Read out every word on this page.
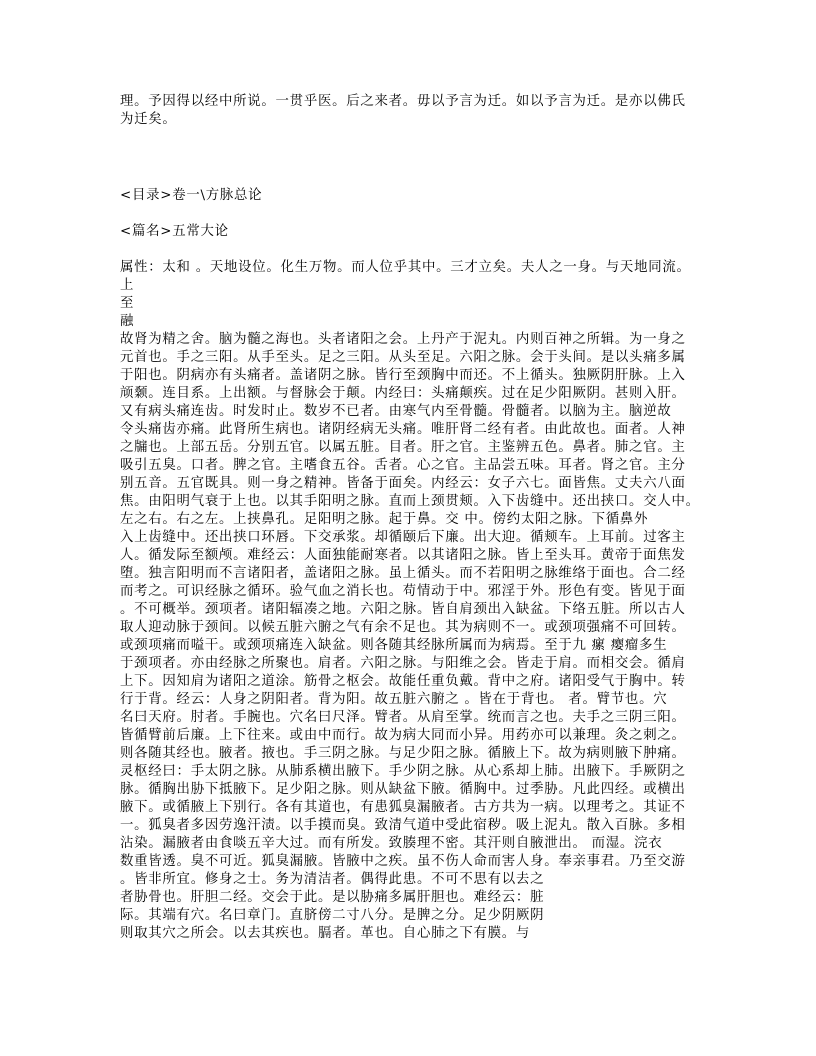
理。予因得以经中所说。一贯乎医。后之来者。毋以予言为迁。如以予言为迁。是亦以佛氏
为迁矣。
<目录>卷一\方脉总论
<篇名>五常大论
属性：太和 。天地设位。化生万物。而人位乎其中。三才立矣。夫人之一身。与天地同流。
上
至
融
故肾为精之舍。脑为髓之海也。头者诸阳之会。上丹产于泥丸。内则百神之所辑。为一身之
元首也。手之三阳。从手至头。足之三阳。从头至足。六阳之脉。会于头间。是以头痛多属
于阳也。阴病亦有头痛者。盖诸阴之脉。皆行至颈胸中而还。不上循头。独厥阴肝脉。上入
颃颡。连目系。上出额。与督脉会于颠。内经曰：头痛颠疾。过在足少阳厥阴。甚则入肝。
又有病头痛连齿。时发时止。数岁不已者。由寒气内至骨髓。骨髓者。以脑为主。脑逆故
令头痛齿亦痛。此肾所生病也。诸阴经病无头痛。唯肝肾二经有者。由此故也。面者。人神
之牖也。上部五岳。分别五官。以属五脏。目者。肝之官。主鉴辨五色。鼻者。肺之官。主
吸引五臭。口者。脾之官。主嗜食五谷。舌者。心之官。主品尝五味。耳者。肾之官。主分
别五音。五官既具。则一身之精神。皆备于面矣。内经云：女子六七。面皆焦。丈夫六八面
焦。由阳明气衰于上也。以其手阳明之脉。直而上颈贯颊。入下齿缝中。还出挟口。交人中。
左之右。右之左。上挟鼻孔。足阳明之脉。起于鼻。交 中。傍约太阳之脉。下循鼻外
入上齿缝中。还出挟口环唇。下交承浆。却循颐后下廉。出大迎。循颊车。上耳前。过客主
人。循发际至额颅。难经云：人面独能耐寒者。以其诸阳之脉。皆上至头耳。黄帝于面焦发
堕。独言阳明而不言诸阳者，盖诸阳之脉。虽上循头。而不若阳明之脉维络于面也。合二经
而考之。可识经脉之循环。验气血之消长也。苟情动于中。邪淫于外。形色有变。皆见于面
。不可概举。颈项者。诸阳辐凑之地。六阳之脉。皆自肩颈出入缺盆。下络五脏。所以古人
取人迎动脉于颈间。以候五脏六腑之气有余不足也。其为病则不一。或颈项强痛不可回转。
或颈项痛而嗌干。或颈项痛连入缺盆。则各随其经脉所属而为病焉。至于九 瘰 瘿瘤多生
于颈项者。亦由经脉之所聚也。肩者。六阳之脉。与阳维之会。皆走于肩。而相交会。循肩
上下。因知肩为诸阳之道涂。筋骨之枢会。故能任重负戴。背中之府。诸阳受气于胸中。转
行于背。经云：人身之阴阳者。背为阳。故五脏六腑之 。皆在于背也。 者。臂节也。穴
名曰天府。肘者。手腕也。穴名曰尺泽。臂者。从肩至掌。统而言之也。夫手之三阴三阳。
皆循臂前后廉。上下往来。或由中而行。故为病大同而小异。用药亦可以兼理。灸之刺之。
则各随其经也。腋者。掖也。手三阴之脉。与足少阳之脉。循腋上下。故为病则腋下肿痛。
灵枢经曰：手太阴之脉。从肺系横出腋下。手少阴之脉。从心系却上肺。出腋下。手厥阴之
脉。循胸出胁下抵腋下。足少阳之脉。则从缺盆下腋。循胸中。过季胁。凡此四经。或横出
腋下。或循腋上下别行。各有其道也，有患狐臭漏腋者。古方共为一病。以理考之。其证不
一。狐臭者多因劳逸汗渍。以手摸而臭。致清气道中受此宿秽。吸上泥丸。散入百脉。多相
沾染。漏腋者由食啖五辛大过。而有所发。致腠理不密。其汗则自腋泄出。 而湿。浣衣
数重皆透。臭不可近。狐臭漏腋。皆腋中之疾。虽不伤人命而害人身。奉亲事君。乃至交游
。皆非所宜。修身之士。务为清洁者。偶得此患。不可不思有以去之
者胁骨也。肝胆二经。交会于此。是以胁痛多属肝胆也。难经云：脏
际。其端有穴。名曰章门。直脐傍二寸八分。是脾之分。足少阴厥阴
则取其穴之所会。以去其疾也。膈者。革也。自心肺之下有膜。与
